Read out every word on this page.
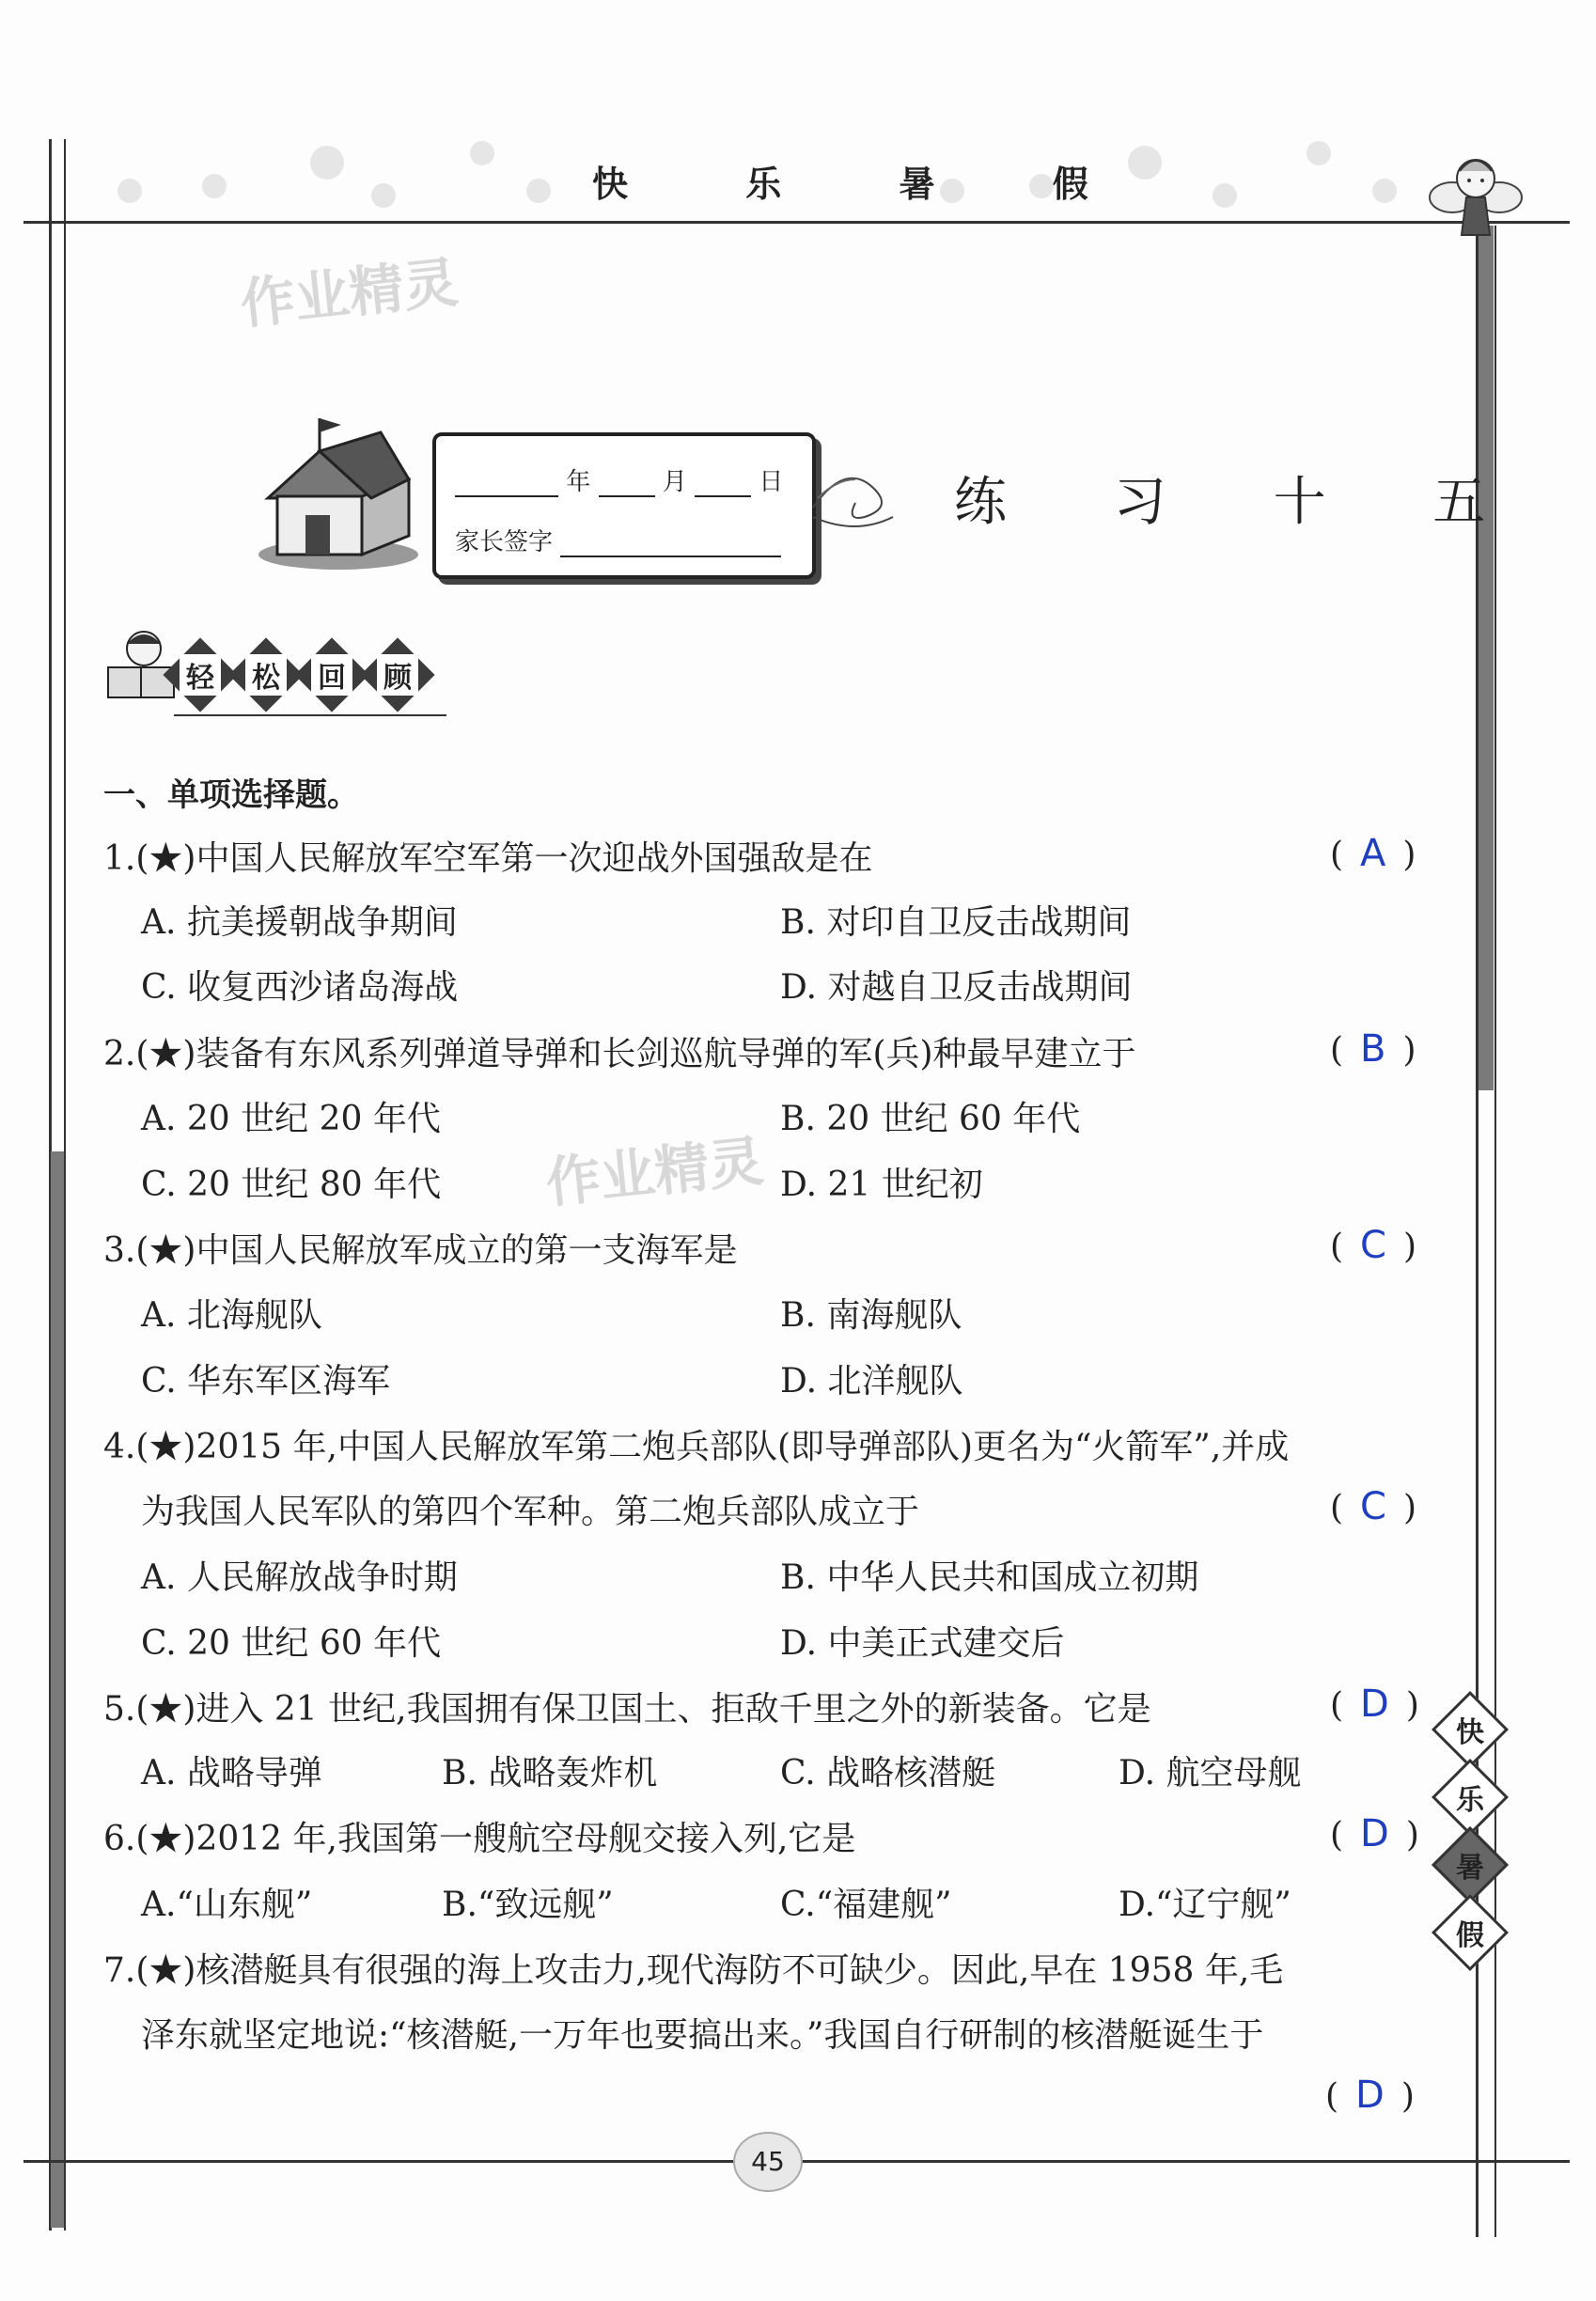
快 乐 暑 假
作业精灵
作业精灵
年	月	日
家长签字
练 习 十 五
轻 松 回 顾
一、单项选择题。
1.(★)中国人民解放军空军第一次迎战外国强敌是在	( A )
A. 抗美援朝战争期间	B. 对印自卫反击战期间
C. 收复西沙诸岛海战	D. 对越自卫反击战期间
2.(★)装备有东风系列弹道导弹和长剑巡航导弹的军(兵)种最早建立于	( B )
A. 20 世纪 20 年代	B. 20 世纪 60 年代
C. 20 世纪 80 年代	D. 21 世纪初
3.(★)中国人民解放军成立的第一支海军是	( C )
A. 北海舰队	B. 南海舰队
C. 华东军区海军	D. 北洋舰队
4.(★)2015 年,中国人民解放军第二炮兵部队(即导弹部队)更名为“火箭军”,并成
为我国人民军队的第四个军种。第二炮兵部队成立于	( C )
A. 人民解放战争时期	B. 中华人民共和国成立初期
C. 20 世纪 60 年代	D. 中美正式建交后
5.(★)进入 21 世纪,我国拥有保卫国土、拒敌千里之外的新装备。它是	( D )
A. 战略导弹	B. 战略轰炸机	C. 战略核潜艇	D. 航空母舰
6.(★)2012 年,我国第一艘航空母舰交接入列,它是	( D )
A.“山东舰”	B.“致远舰”	C.“福建舰”	D.“辽宁舰”
7.(★)核潜艇具有很强的海上攻击力,现代海防不可缺少。因此,早在 1958 年,毛
泽东就坚定地说:“核潜艇,一万年也要搞出来。”我国自行研制的核潜艇诞生于
( D )
快
乐
暑
假
45
